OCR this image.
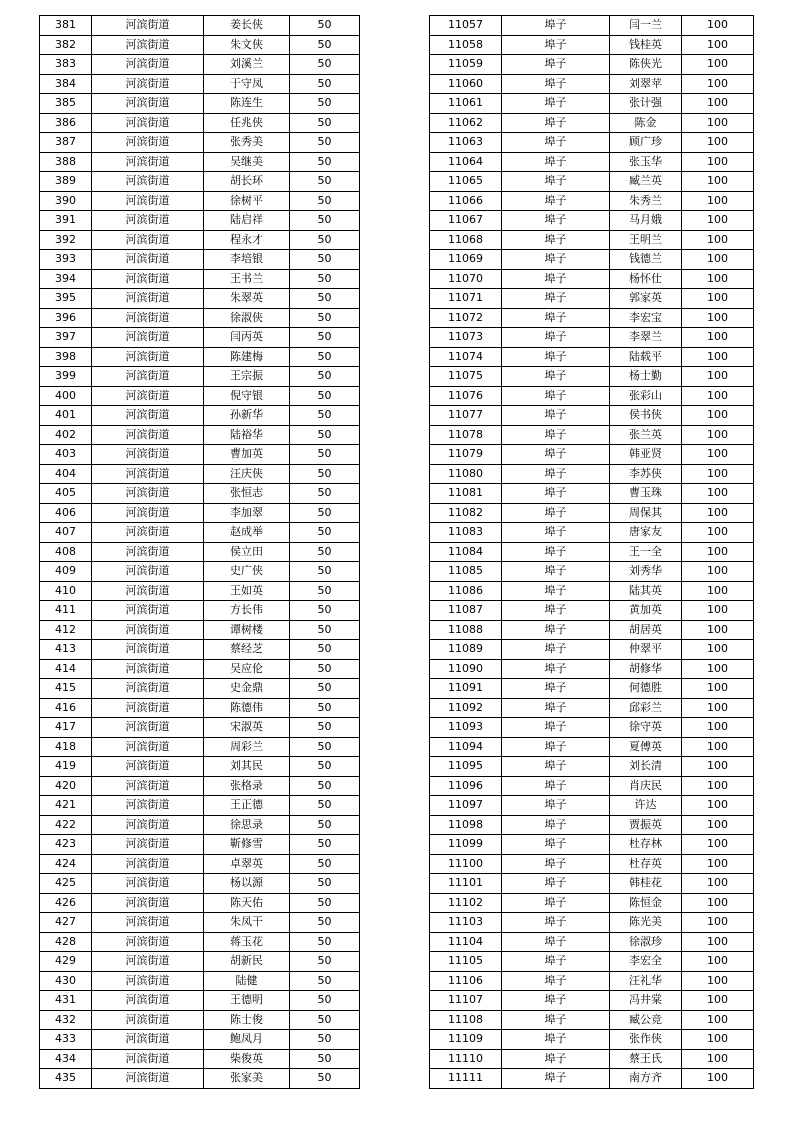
381	河滨街道	姜长侠	50
382	河滨街道	朱文侠	50
383	河滨街道	刘溪兰	50
384	河滨街道	于守凤	50
385	河滨街道	陈连生	50
386	河滨街道	任兆侠	50
387	河滨街道	张秀美	50
388	河滨街道	吴继美	50
389	河滨街道	胡长环	50
390	河滨街道	徐树平	50
391	河滨街道	陆启祥	50
392	河滨街道	程永才	50
393	河滨街道	李培银	50
394	河滨街道	王书兰	50
395	河滨街道	朱翠英	50
396	河滨街道	徐淑侠	50
397	河滨街道	闫丙英	50
398	河滨街道	陈建梅	50
399	河滨街道	王宗振	50
400	河滨街道	倪守银	50
401	河滨街道	孙新华	50
402	河滨街道	陆裕华	50
403	河滨街道	曹加英	50
404	河滨街道	汪庆侠	50
405	河滨街道	张恒志	50
406	河滨街道	李加翠	50
407	河滨街道	赵成举	50
408	河滨街道	侯立田	50
409	河滨街道	史广侠	50
410	河滨街道	王如英	50
411	河滨街道	方长伟	50
412	河滨街道	谭树楼	50
413	河滨街道	蔡经芝	50
414	河滨街道	吴应伦	50
415	河滨街道	史金鼎	50
416	河滨街道	陈德伟	50
417	河滨街道	宋淑英	50
418	河滨街道	周彩兰	50
419	河滨街道	刘其民	50
420	河滨街道	张格录	50
421	河滨街道	王正德	50
422	河滨街道	徐思录	50
423	河滨街道	靳修雪	50
424	河滨街道	卓翠英	50
425	河滨街道	杨以源	50
426	河滨街道	陈天佑	50
427	河滨街道	朱凤干	50
428	河滨街道	蒋玉花	50
429	河滨街道	胡新民	50
430	河滨街道	陆健	50
431	河滨街道	王德明	50
432	河滨街道	陈士俊	50
433	河滨街道	鲍凤月	50
434	河滨街道	柴俊英	50
435	河滨街道	张家美	50
11057	埠子	闫一兰	100
11058	埠子	钱桂英	100
11059	埠子	陈侠光	100
11060	埠子	刘翠苹	100
11061	埠子	张计强	100
11062	埠子	陈金	100
11063	埠子	顾广珍	100
11064	埠子	张玉华	100
11065	埠子	臧兰英	100
11066	埠子	朱秀兰	100
11067	埠子	马月娥	100
11068	埠子	王明兰	100
11069	埠子	钱德兰	100
11070	埠子	杨怀仕	100
11071	埠子	郭家英	100
11072	埠子	李宏宝	100
11073	埠子	李翠兰	100
11074	埠子	陆载平	100
11075	埠子	杨士勤	100
11076	埠子	张彩山	100
11077	埠子	侯书侠	100
11078	埠子	张兰英	100
11079	埠子	韩亚贤	100
11080	埠子	李苏侠	100
11081	埠子	曹玉珠	100
11082	埠子	周保其	100
11083	埠子	唐家友	100
11084	埠子	王一全	100
11085	埠子	刘秀华	100
11086	埠子	陆其英	100
11087	埠子	黄加英	100
11088	埠子	胡居英	100
11089	埠子	仲翠平	100
11090	埠子	胡修华	100
11091	埠子	何德胜	100
11092	埠子	邱彩兰	100
11093	埠子	徐守英	100
11094	埠子	夏傅英	100
11095	埠子	刘长清	100
11096	埠子	肖庆民	100
11097	埠子	许达	100
11098	埠子	贾振英	100
11099	埠子	杜存林	100
11100	埠子	杜存英	100
11101	埠子	韩桂花	100
11102	埠子	陈恒金	100
11103	埠子	陈光美	100
11104	埠子	徐淑珍	100
11105	埠子	李宏全	100
11106	埠子	汪礼华	100
11107	埠子	冯井棠	100
11108	埠子	臧公竞	100
11109	埠子	张作侠	100
11110	埠子	蔡王氏	100
11111	埠子	南方齐	100
